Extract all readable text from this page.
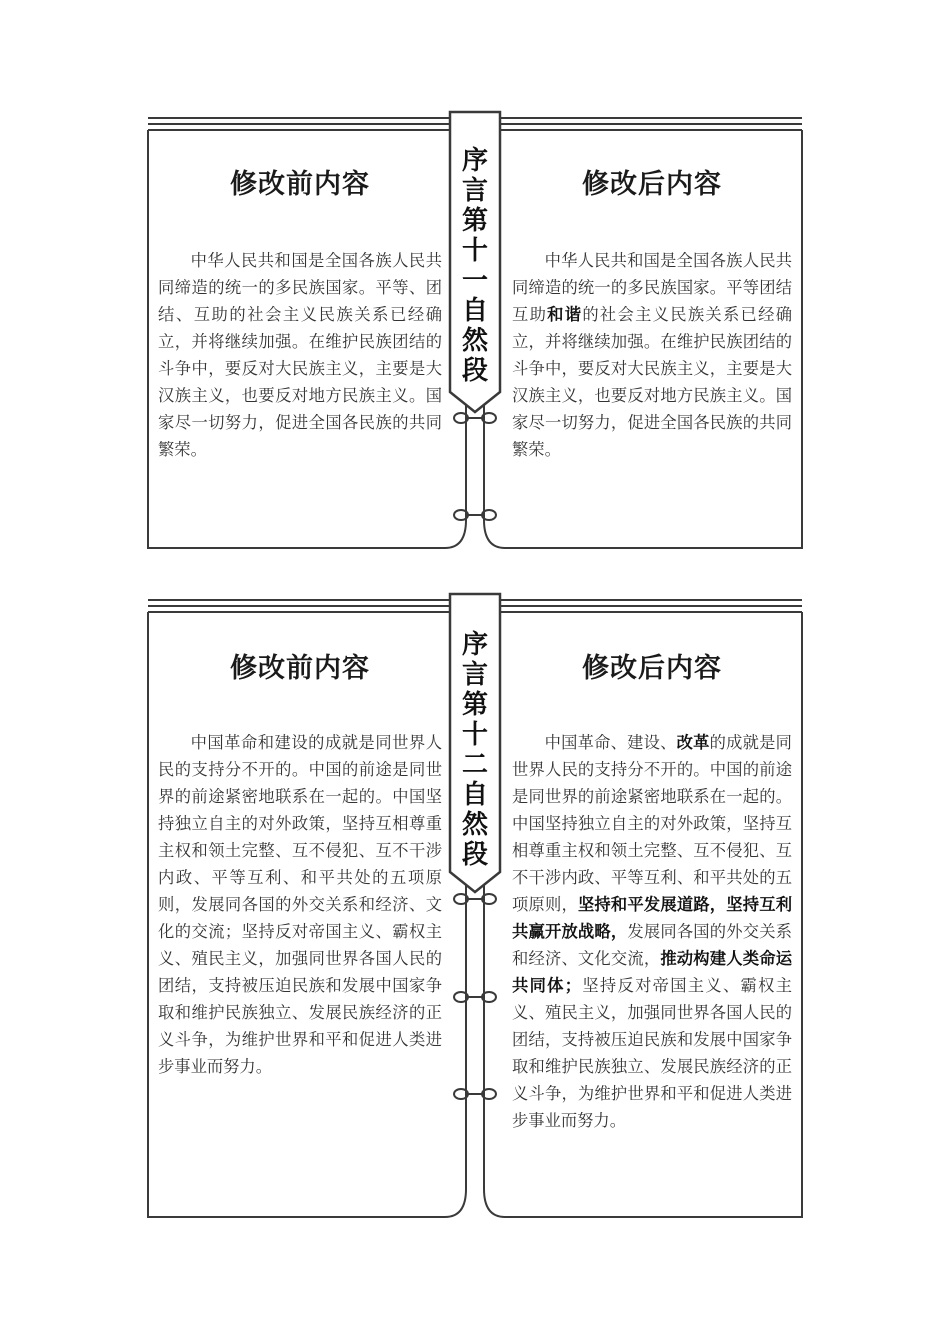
序
言
第
十
一
自
然
段
修改前内容

中华人民共和国是全国各族人民共同缔造的统一的多民族国家。平等、团结、互助的社会主义民族关系已经确立，并将继续加强。在维护民族团结的斗争中，要反对大民族主义，主要是大汉族主义，也要反对地方民族主义。国家尽一切努力，促进全国各民族的共同繁荣。

修改后内容

中华人民共和国是全国各族人民共同缔造的统一的多民族国家。平等团结互助和谐的社会主义民族关系已经确立，并将继续加强。在维护民族团结的斗争中，要反对大民族主义，主要是大汉族主义，也要反对地方民族主义。国家尽一切努力，促进全国各民族的共同繁荣。

序
言
第
十
二
自
然
段
修改前内容

中国革命和建设的成就是同世界人民的支持分不开的。中国的前途是同世界的前途紧密地联系在一起的。中国坚持独立自主的对外政策，坚持互相尊重主权和领土完整、互不侵犯、互不干涉内政、平等互利、和平共处的五项原则，发展同各国的外交关系和经济、文化的交流；坚持反对帝国主义、霸权主义、殖民主义，加强同世界各国人民的团结，支持被压迫民族和发展中国家争取和维护民族独立、发展民族经济的正义斗争，为维护世界和平和促进人类进步事业而努力。

修改后内容

中国革命、建设、改革的成就是同世界人民的支持分不开的。中国的前途是同世界的前途紧密地联系在一起的。中国坚持独立自主的对外政策，坚持互相尊重主权和领土完整、互不侵犯、互不干涉内政、平等互利、和平共处的五项原则，坚持和平发展道路，坚持互利共赢开放战略，发展同各国的外交关系和经济、文化交流，推动构建人类命运共同体；坚持反对帝国主义、霸权主义、殖民主义，加强同世界各国人民的团结，支持被压迫民族和发展中国家争取和维护民族独立、发展民族经济的正义斗争，为维护世界和平和促进人类进步事业而努力。
